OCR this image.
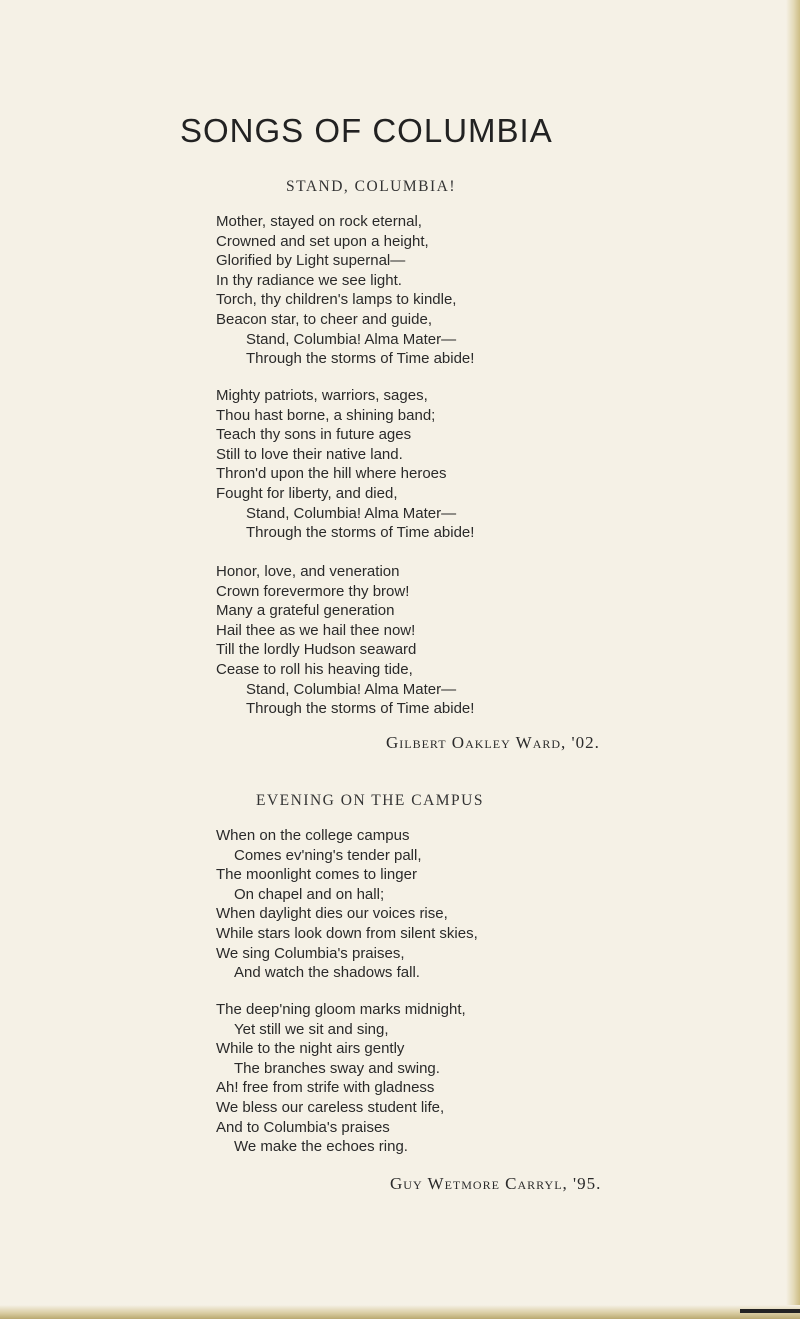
SONGS OF COLUMBIA
STAND, COLUMBIA!
Mother, stayed on rock eternal,
Crowned and set upon a height,
Glorified by Light supernal—
In thy radiance we see light.
Torch, thy children's lamps to kindle,
Beacon star, to cheer and guide,
Stand, Columbia! Alma Mater—
Through the storms of Time abide!
Mighty patriots, warriors, sages,
Thou hast borne, a shining band;
Teach thy sons in future ages
Still to love their native land.
Thron'd upon the hill where heroes
Fought for liberty, and died,
Stand, Columbia! Alma Mater—
Through the storms of Time abide!
Honor, love, and veneration
Crown forevermore thy brow!
Many a grateful generation
Hail thee as we hail thee now!
Till the lordly Hudson seaward
Cease to roll his heaving tide,
Stand, Columbia! Alma Mater—
Through the storms of Time abide!
Gilbert Oakley Ward, '02.
EVENING ON THE CAMPUS
When on the college campus
Comes ev'ning's tender pall,
The moonlight comes to linger
On chapel and on hall;
When daylight dies our voices rise,
While stars look down from silent skies,
We sing Columbia's praises,
And watch the shadows fall.
The deep'ning gloom marks midnight,
Yet still we sit and sing,
While to the night airs gently
The branches sway and swing.
Ah! free from strife with gladness
We bless our careless student life,
And to Columbia's praises
We make the echoes ring.
Guy Wetmore Carryl, '95.
